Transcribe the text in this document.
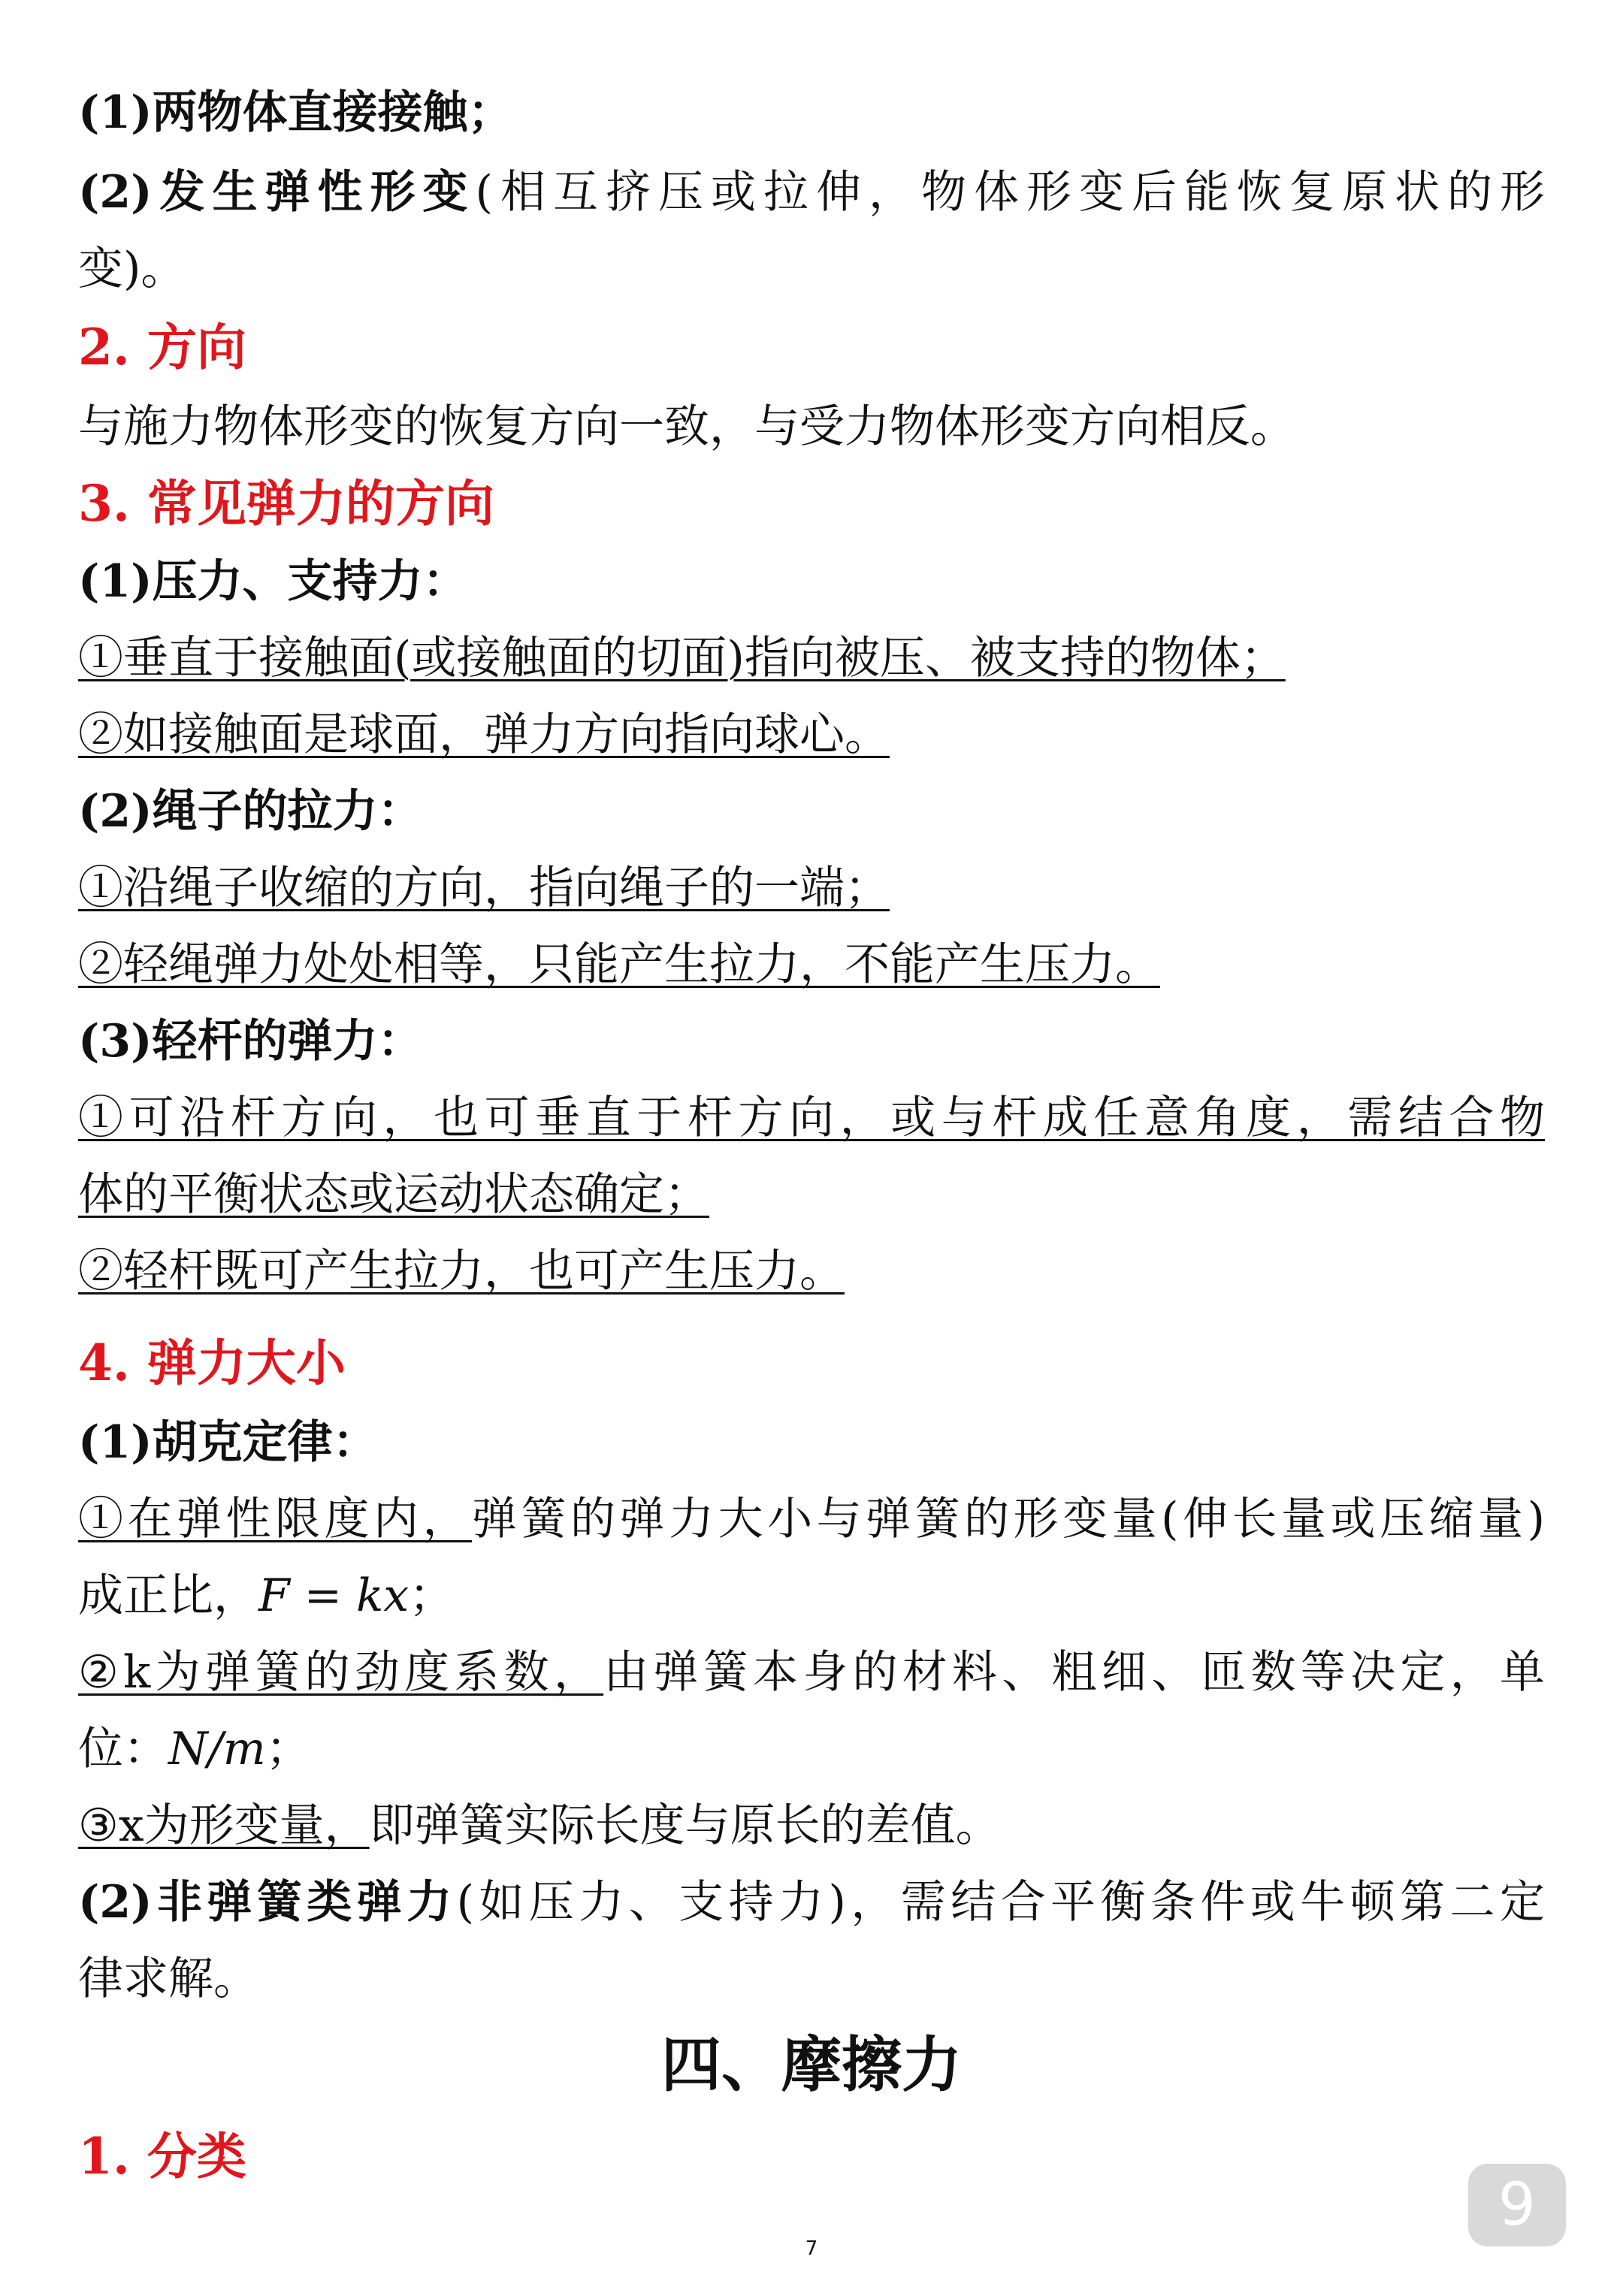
(1)两物体直接接触；
(2)发生弹性形变(相互挤压或拉伸，物体形变后能恢复原状的形
变)。
2. 方向
与施力物体形变的恢复方向一致，与受力物体形变方向相反。
3. 常见弹力的方向
(1)压力、支持力：
①垂直于接触面(或接触面的切面)指向被压、被支持的物体；
②如接触面是球面，弹力方向指向球心。
(2)绳子的拉力：
①沿绳子收缩的方向，指向绳子的一端；
②轻绳弹力处处相等，只能产生拉力，不能产生压力。
(3)轻杆的弹力：
①可沿杆方向，也可垂直于杆方向，或与杆成任意角度，需结合物
体的平衡状态或运动状态确定；
②轻杆既可产生拉力，也可产生压力。
4. 弹力大小
(1)胡克定律：
①在弹性限度内，弹簧的弹力大小与弹簧的形变量(伸长量或压缩量)
成正比，F = kx；
②k为弹簧的劲度系数，由弹簧本身的材料、粗细、匝数等决定，单
位：N/m；
③x为形变量，即弹簧实际长度与原长的差值。
(2)非弹簧类弹力(如压力、支持力)，需结合平衡条件或牛顿第二定
律求解。
四、摩擦力
1. 分类
9
7
